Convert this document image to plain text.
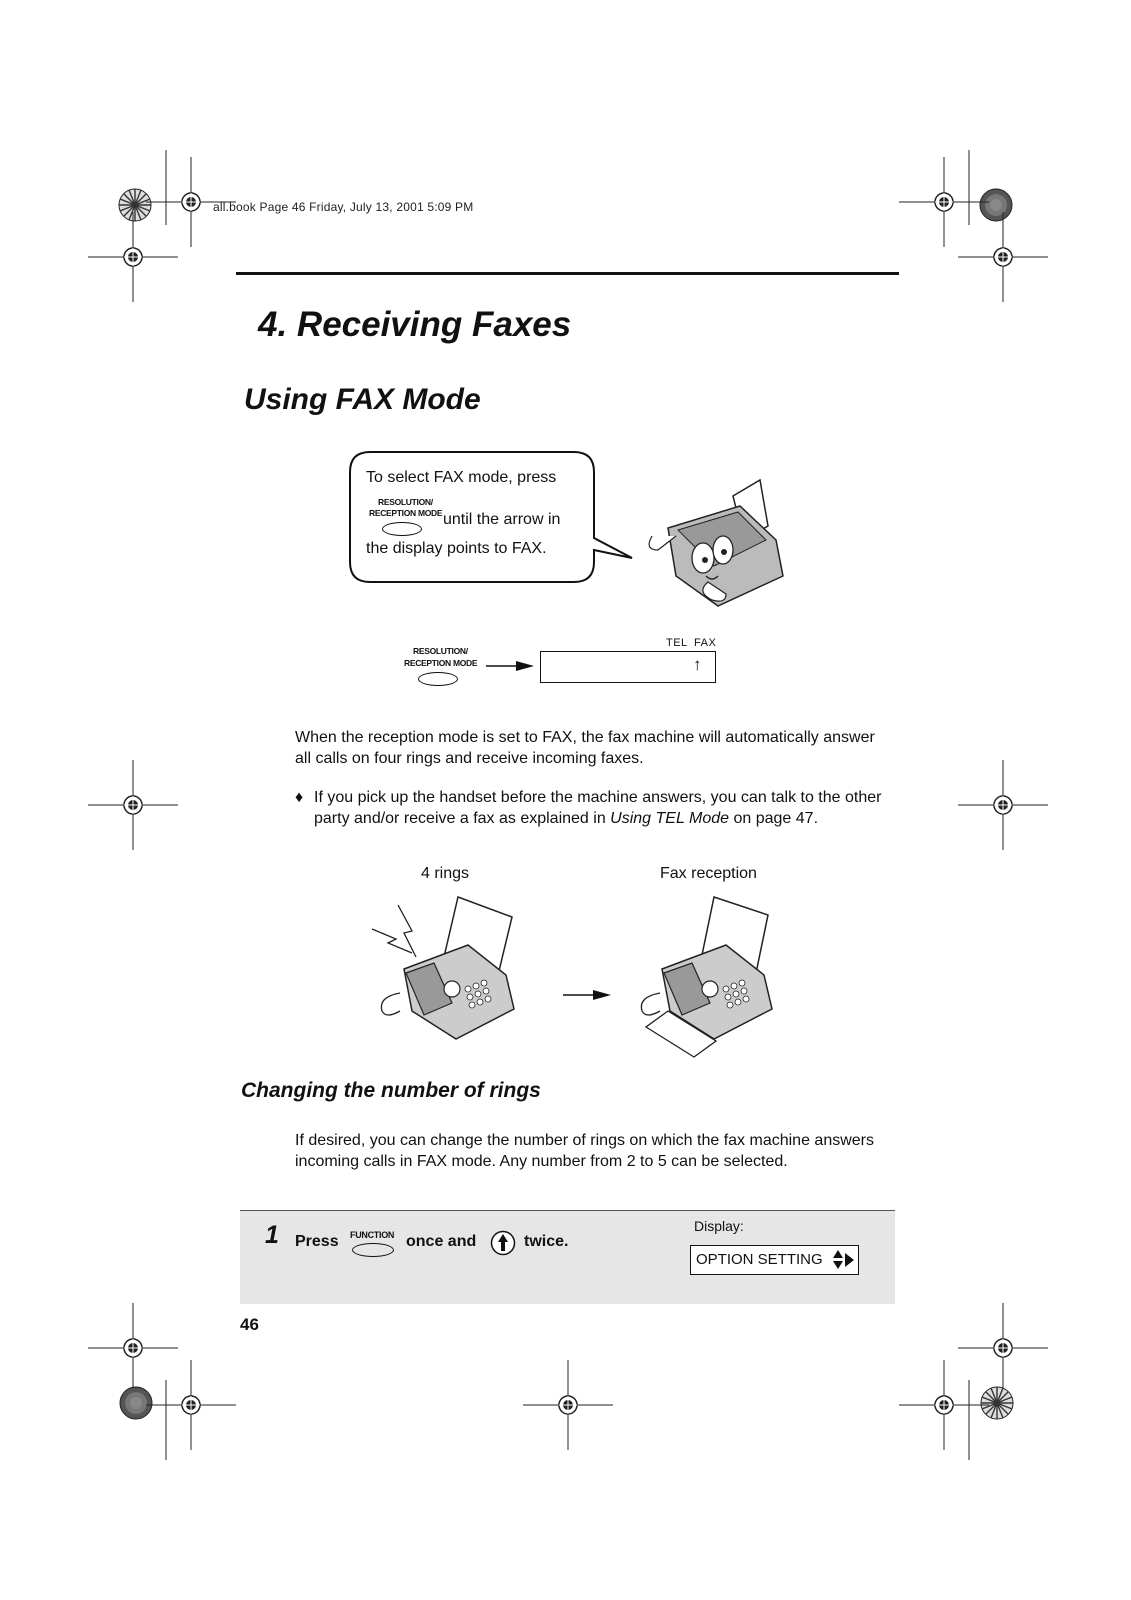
all.book Page 46 Friday, July 13, 2001 5:09 PM
4. Receiving Faxes
Using FAX Mode
To select FAX mode, press
RESOLUTION/
RECEPTION MODE until the arrow in
the display points to FAX.
RESOLUTION/
RECEPTION MODE
TEL FAX
↑
When the reception mode is set to FAX, the fax machine will automatically answer all calls on four rings and receive incoming faxes.
♦ If you pick up the handset before the machine answers, you can talk to the other party and/or receive a fax as explained in Using TEL Mode on page 47.
4 rings	Fax reception
Changing the number of rings
If desired, you can change the number of rings on which the fax machine answers incoming calls in FAX mode. Any number from 2 to 5 can be selected.
1 Press FUNCTION once and	twice.
Display:
OPTION SETTING
46
